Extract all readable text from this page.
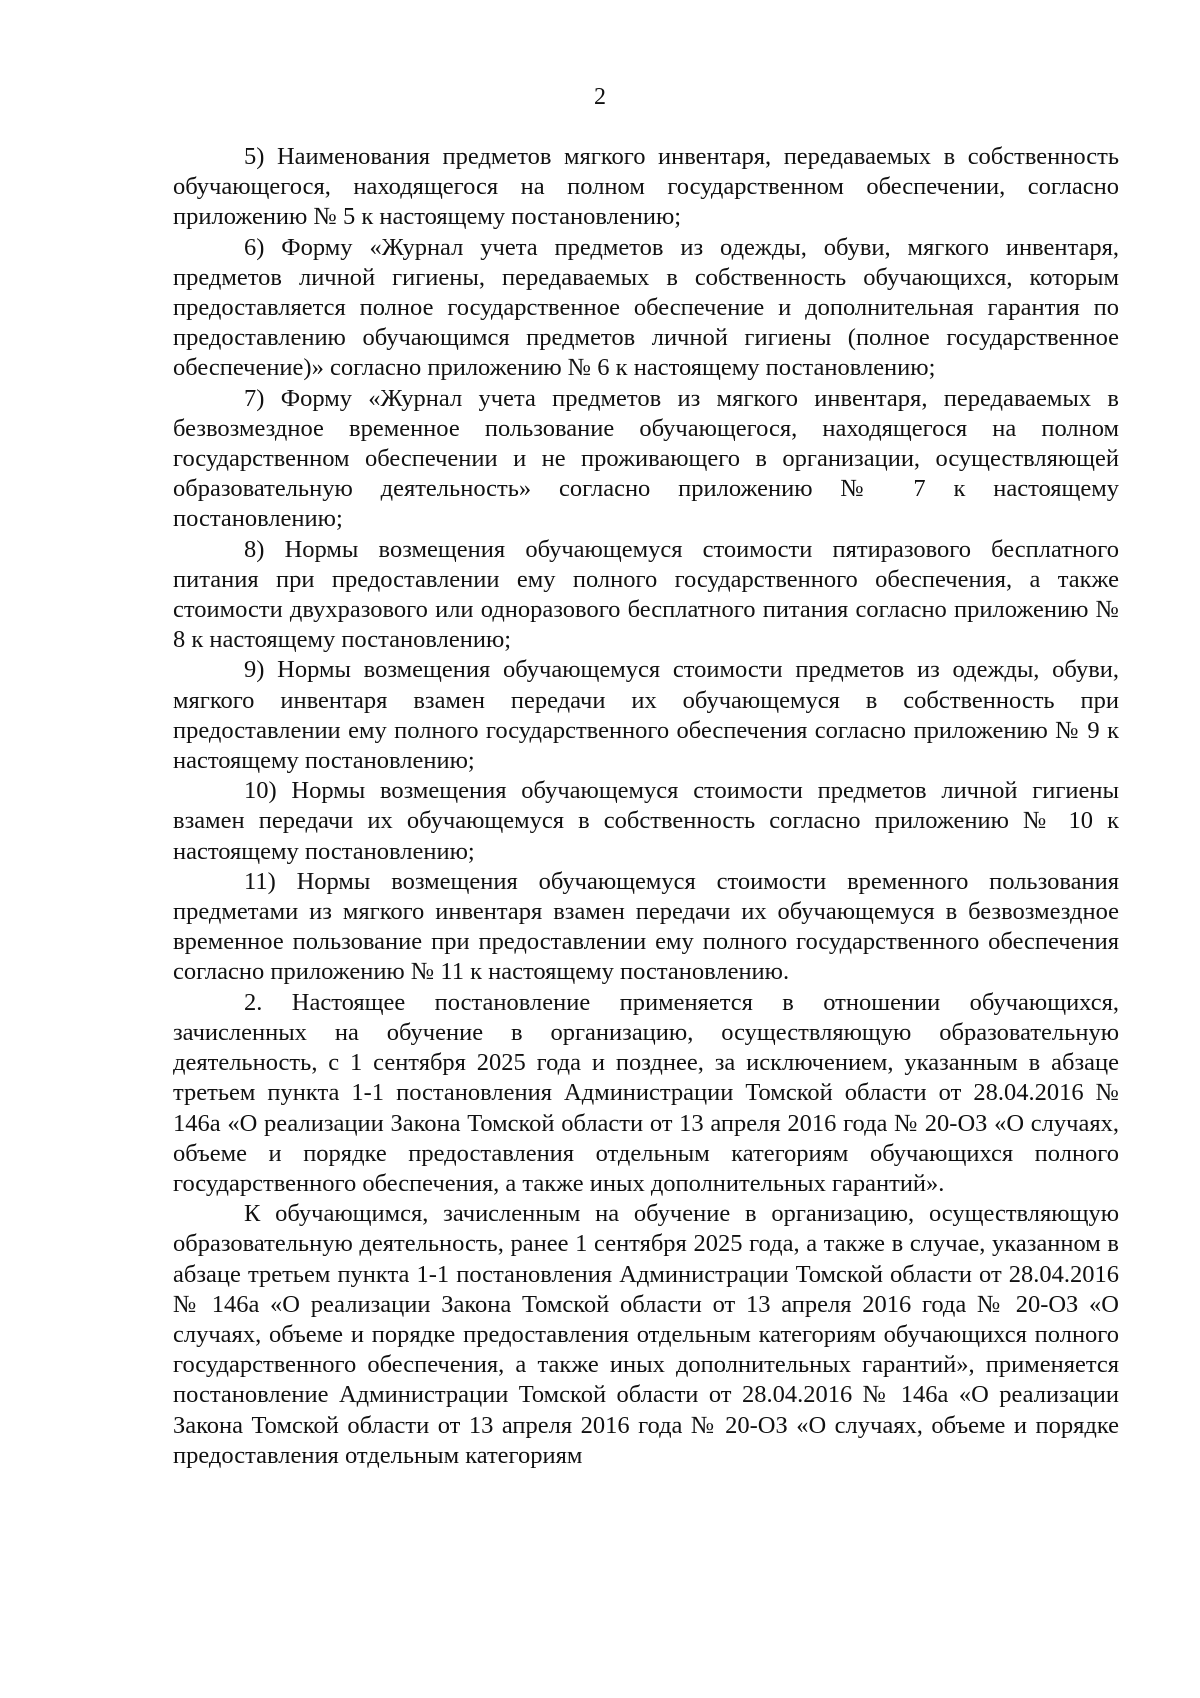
2

5) Наименования предметов мягкого инвентаря, передаваемых в собственность обучающегося, находящегося на полном государственном обеспечении, согласно приложению № 5 к настоящему постановлению;

6) Форму «Журнал учета предметов из одежды, обуви, мягкого инвентаря, предметов личной гигиены, передаваемых в собственность обучающихся, которым предоставляется полное государственное обеспечение и дополнительная гарантия по предоставлению обучающимся предметов личной гигиены (полное государственное обеспечение)» согласно приложению № 6 к настоящему постановлению;

7) Форму «Журнал учета предметов из мягкого инвентаря, передаваемых в безвозмездное временное пользование обучающегося, находящегося на полном государственном обеспечении и не проживающего в организации, осуществляющей образовательную деятельность» согласно приложению № 7 к настоящему постановлению;

8) Нормы возмещения обучающемуся стоимости пятиразового бесплатного питания при предоставлении ему полного государственного обеспечения, а также стоимости двухразового или одноразового бесплатного питания согласно приложению № 8 к настоящему постановлению;

9) Нормы возмещения обучающемуся стоимости предметов из одежды, обуви, мягкого инвентаря взамен передачи их обучающемуся в собственность при предоставлении ему полного государственного обеспечения согласно приложению № 9 к настоящему постановлению;

10) Нормы возмещения обучающемуся стоимости предметов личной гигиены взамен передачи их обучающемуся в собственность согласно приложению № 10 к настоящему постановлению;

11) Нормы возмещения обучающемуся стоимости временного пользования предметами из мягкого инвентаря взамен передачи их обучающемуся в безвозмездное временное пользование при предоставлении ему полного государственного обеспечения согласно приложению № 11 к настоящему постановлению.

2. Настоящее постановление применяется в отношении обучающихся, зачисленных на обучение в организацию, осуществляющую образовательную деятельность, с 1 сентября 2025 года и позднее, за исключением, указанным в абзаце третьем пункта 1-1 постановления Администрации Томской области от 28.04.2016 № 146а «О реализации Закона Томской области от 13 апреля 2016 года № 20-ОЗ «О случаях, объеме и порядке предоставления отдельным категориям обучающихся полного государственного обеспечения, а также иных дополнительных гарантий».

К обучающимся, зачисленным на обучение в организацию, осуществляющую образовательную деятельность, ранее 1 сентября 2025 года, а также в случае, указанном в абзаце третьем пункта 1-1 постановления Администрации Томской области от 28.04.2016 № 146а «О реализации Закона Томской области от 13 апреля 2016 года № 20-ОЗ «О случаях, объеме и порядке предоставления отдельным категориям обучающихся полного государственного обеспечения, а также иных дополнительных гарантий», применяется постановление Администрации Томской области от 28.04.2016 № 146а «О реализации Закона Томской области от 13 апреля 2016 года № 20-ОЗ «О случаях, объеме и порядке предоставления отдельным категориям
